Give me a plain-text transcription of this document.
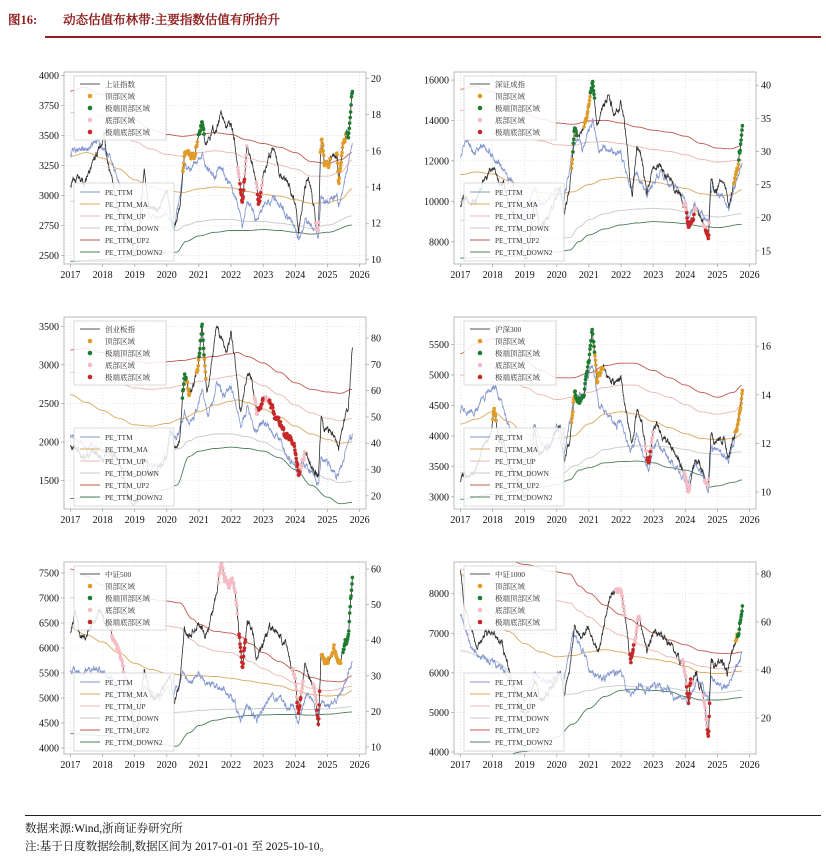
图16: 动态估值布林带:主要指数估值有所抬升
2500
2750
3000
3250
3500
3750
4000
10
12
14
16
18
20
2017 2018 2019 2020 2021 2022 2023 2024 2025 2026
上证指数
顶部区域
极端顶部区域
底部区域
极端底部区域
PE_TTM
PE_TTM_MA
PE_TTM_UP
PE_TTM_DOWN
PE_TTM_UP2
PE_TTM_DOWN2
8000
10000
12000
14000
16000
15
20
25
30
35
40
2017 2018 2019 2020 2021 2022 2023 2024 2025 2026
深证成指
顶部区域
极端顶部区域
底部区域
极端底部区域
PE_TTM
PE_TTM_MA
PE_TTM_UP
PE_TTM_DOWN
PE_TTM_UP2
PE_TTM_DOWN2
1500
2000
2500
3000
3500
20
30
40
50
60
70
80
2017 2018 2019 2020 2021 2022 2023 2024 2025 2026
创业板指
顶部区域
极端顶部区域
底部区域
极端底部区域
PE_TTM
PE_TTM_MA
PE_TTM_UP
PE_TTM_DOWN
PE_TTM_UP2
PE_TTM_DOWN2	3000
3500
4000
4500
5000
5500
10
12
14
16
2017 2018 2019 2020 2021 2022 2023 2024 2025 2026
沪深300
顶部区域
极端顶部区域
底部区域
极端底部区域
PE_TTM
PE_TTM_MA
PE_TTM_UP
PE_TTM_DOWN
PE_TTM_UP2
PE_TTM_DOWN2
4000
4500
5000
5500
6000
6500
7000
7500
10
20
30
40
50
60
2017 2018 2019 2020 2021 2022 2023 2024 2025 2026
中证500
顶部区域
极端顶部区域
底部区域
极端底部区域
PE_TTM
PE_TTM_MA
PE_TTM_UP
PE_TTM_DOWN
PE_TTM_UP2
PE_TTM_DOWN2
4000
5000
6000
7000
8000
20
40
60
80
2017 2018 2019 2020 2021 2022 2023 2024 2025 2026
中证1000
顶部区域
极端顶部区域
底部区域
极端底部区域
PE_TTM
PE_TTM_MA
PE_TTM_UP
PE_TTM_DOWN
PE_TTM_UP2
PE_TTM_DOWN2
数据来源:Wind,浙商证券研究所
注:基于日度数据绘制,数据区间为 2017-01-01 至 2025-10-10。
